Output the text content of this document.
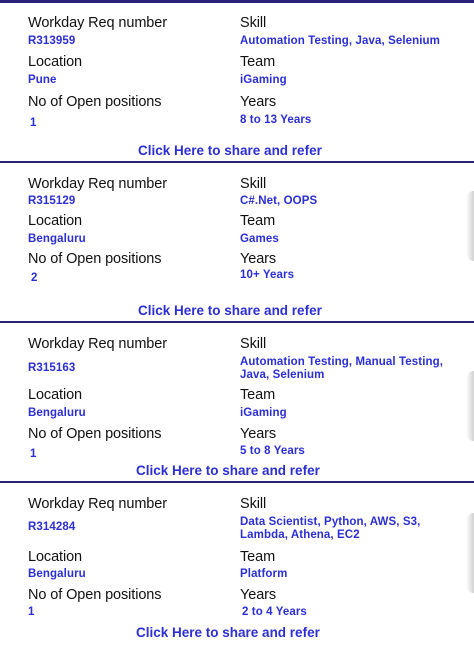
Workday Req number
R313959
Skill
Automation Testing, Java, Selenium
Location
Pune
Team
iGaming
No of Open positions
1
Years
8 to 13 Years
Click Here to share and refer
Workday Req number
R315129
Skill
C#.Net, OOPS
Location
Bengaluru
Team
Games
No of Open positions
2
Years
10+ Years
Click Here to share and refer
Workday Req number
R315163
Skill
Automation Testing, Manual Testing, Java, Selenium
Location
Bengaluru
Team
iGaming
No of Open positions
1
Years
5 to 8 Years
Click Here to share and refer
Workday Req number
R314284
Skill
Data Scientist, Python, AWS, S3, Lambda, Athena, EC2
Location
Bengaluru
Team
Platform
No of Open positions
1
Years
2 to 4 Years
Click Here to share and refer
